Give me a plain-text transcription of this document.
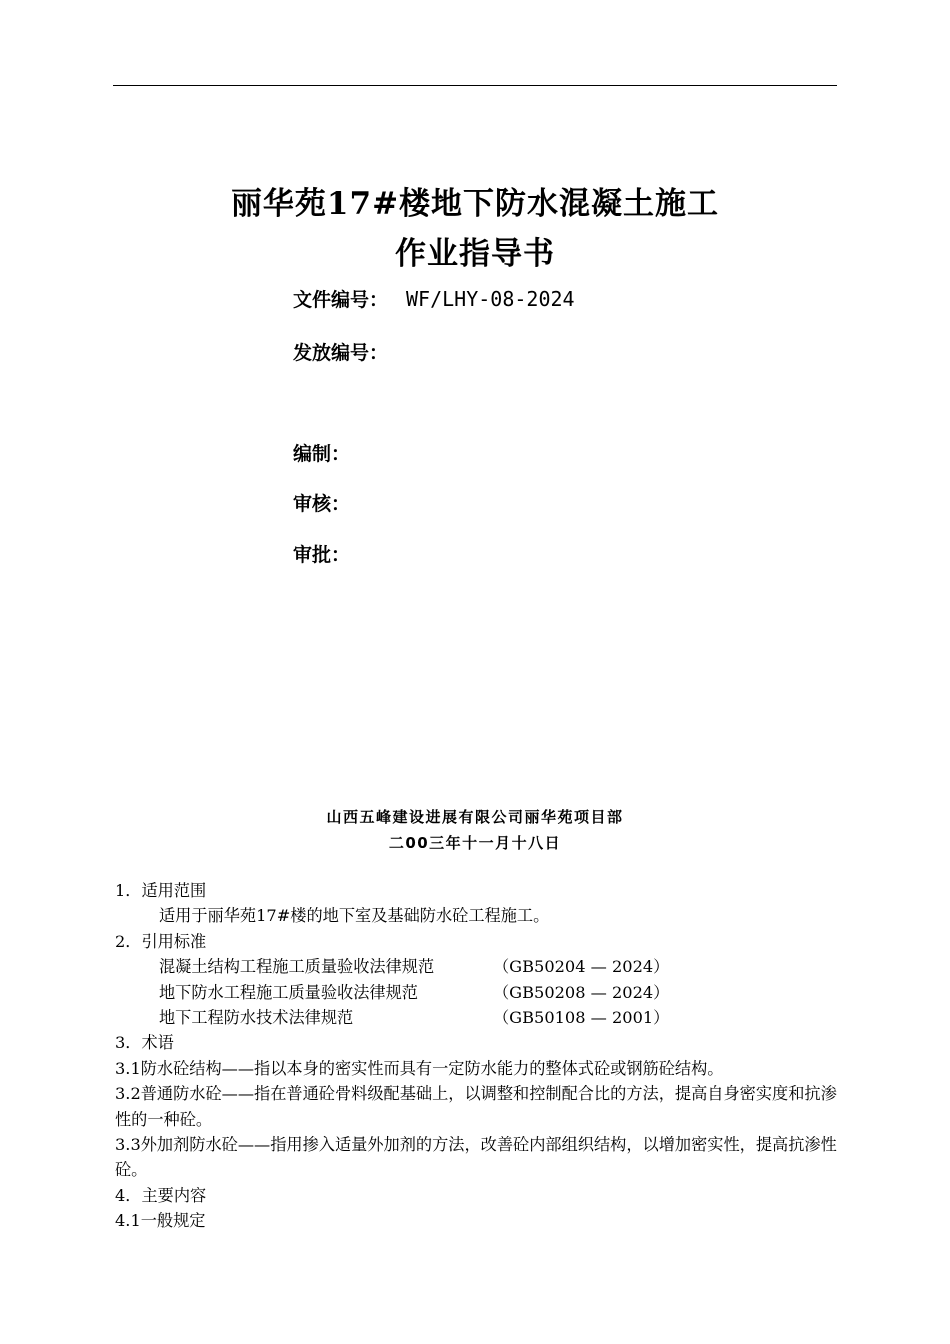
丽华苑17#楼地下防水混凝土施工
作业指导书
文件编号： WF/LHY-08-2024
发放编号：
编制：
审核：
审批：
山西五峰建设进展有限公司丽华苑项目部
二00三年十一月十八日
1．适用范围
适用于丽华苑17#楼的地下室及基础防水砼工程施工。
2．引用标准
混凝土结构工程施工质量验收法律规范	（GB50204 — 2024）
地下防水工程施工质量验收法律规范	（GB50208 — 2024）
地下工程防水技术法律规范	（GB50108 — 2001）
3．术语
3.1防水砼结构——指以本身的密实性而具有一定防水能力的整体式砼或钢筋砼结构。
3.2普通防水砼——指在普通砼骨料级配基础上，以调整和控制配合比的方法，提高自身密实度和抗渗性的一种砼。
3.3外加剂防水砼——指用掺入适量外加剂的方法，改善砼内部组织结构，以增加密实性，提高抗渗性砼。
4．主要内容
4.1一般规定
